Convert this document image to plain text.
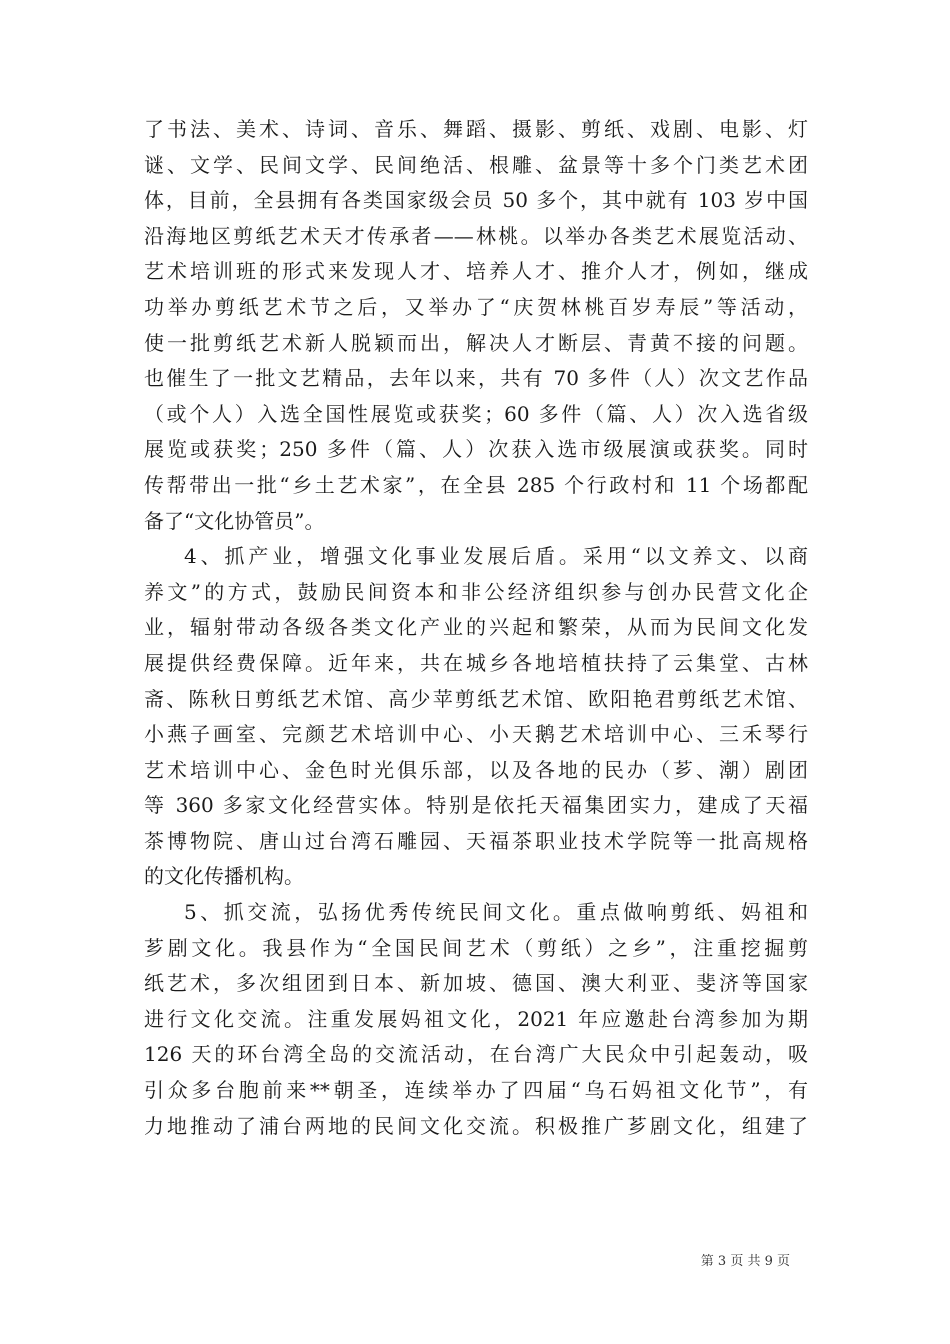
了书法、美术、诗词、音乐、舞蹈、摄影、剪纸、戏剧、电影、灯
谜、文学、民间文学、民间绝活、根雕、盆景等十多个门类艺术团
体，目前，全县拥有各类国家级会员 50 多个，其中就有 103 岁中国
沿海地区剪纸艺术天才传承者——林桃。以举办各类艺术展览活动、
艺术培训班的形式来发现人才、培养人才、推介人才，例如，继成
功举办剪纸艺术节之后，又举办了“庆贺林桃百岁寿辰”等活动，
使一批剪纸艺术新人脱颖而出，解决人才断层、青黄不接的问题。
也催生了一批文艺精品，去年以来，共有 70 多件（人）次文艺作品
（或个人）入选全国性展览或获奖；60 多件（篇、人）次入选省级
展览或获奖；250 多件（篇、人）次获入选市级展演或获奖。同时
传帮带出一批“乡土艺术家”，在全县 285 个行政村和 11 个场都配
备了“文化协管员”。
4、抓产业，增强文化事业发展后盾。采用“以文养文、以商
养文”的方式，鼓励民间资本和非公经济组织参与创办民营文化企
业，辐射带动各级各类文化产业的兴起和繁荣，从而为民间文化发
展提供经费保障。近年来，共在城乡各地培植扶持了云集堂、古林
斋、陈秋日剪纸艺术馆、高少苹剪纸艺术馆、欧阳艳君剪纸艺术馆、
小燕子画室、完颜艺术培训中心、小天鹅艺术培训中心、三禾琴行
艺术培训中心、金色时光俱乐部，以及各地的民办（芗、潮）剧团
等 360 多家文化经营实体。特别是依托天福集团实力，建成了天福
茶博物院、唐山过台湾石雕园、天福茶职业技术学院等一批高规格
的文化传播机构。
5、抓交流，弘扬优秀传统民间文化。重点做响剪纸、妈祖和
芗剧文化。我县作为“全国民间艺术（剪纸）之乡”，注重挖掘剪
纸艺术，多次组团到日本、新加坡、德国、澳大利亚、斐济等国家
进行文化交流。注重发展妈祖文化，2021 年应邀赴台湾参加为期
126 天的环台湾全岛的交流活动，在台湾广大民众中引起轰动，吸
引众多台胞前来**朝圣，连续举办了四届“乌石妈祖文化节”，有
力地推动了浦台两地的民间文化交流。积极推广芗剧文化，组建了
第 3 页 共 9 页
